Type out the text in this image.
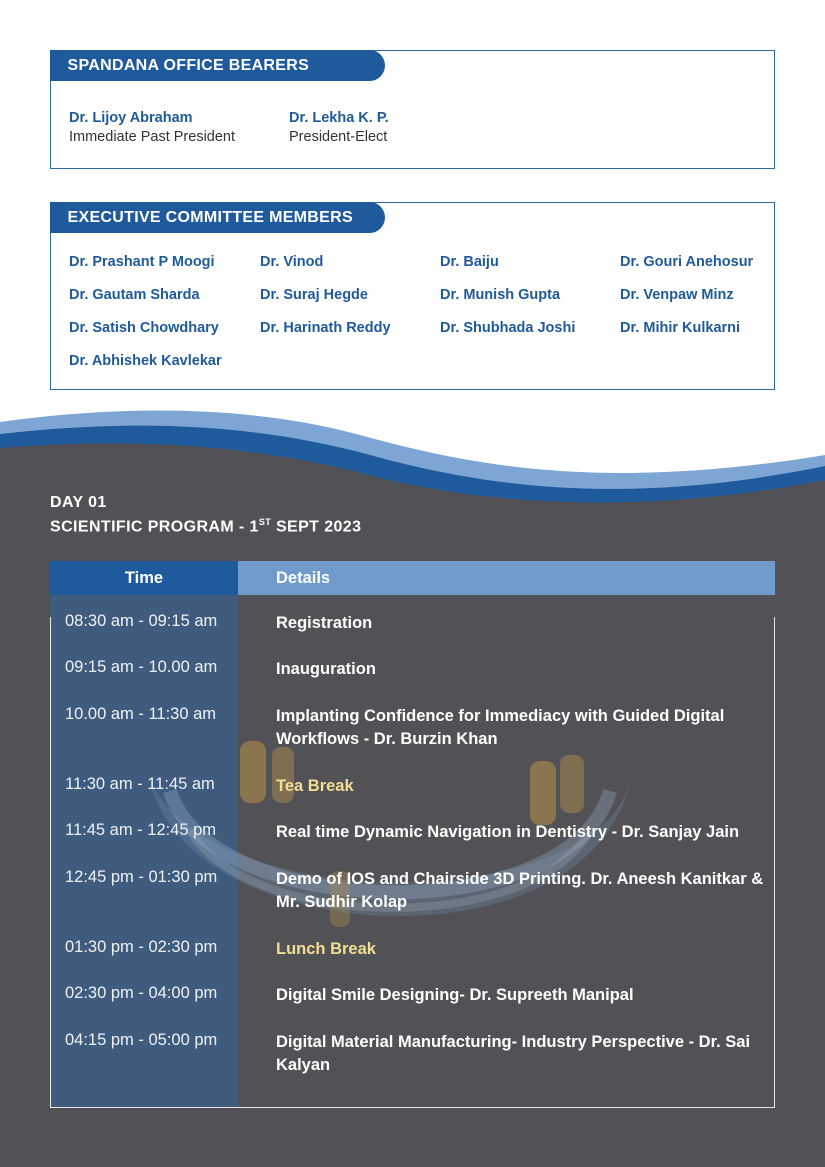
SPANDANA OFFICE BEARERS
Dr. Lijoy Abraham
Immediate Past President
Dr. Lekha K. P.
President-Elect
EXECUTIVE COMMITTEE MEMBERS
Dr. Prashant P Moogi	Dr. Vinod	Dr. Baiju	Dr. Gouri Anehosur
Dr. Gautam Sharda	Dr. Suraj Hegde	Dr. Munish Gupta	Dr. Venpaw Minz
Dr. Satish Chowdhary	Dr. Harinath Reddy	Dr. Shubhada Joshi	Dr. Mihir Kulkarni
Dr. Abhishek Kavlekar
DAY 01
SCIENTIFIC PROGRAM - 1ST SEPT 2023
Time	Details
08:30 am - 09:15 am	Registration
09:15 am - 10.00 am	Inauguration
10.00 am - 11:30 am	Implanting Confidence for Immediacy with Guided Digital Workflows - Dr. Burzin Khan
11:30 am - 11:45 am	Tea Break
11:45 am - 12:45 pm	Real time Dynamic Navigation in Dentistry - Dr. Sanjay Jain
12:45 pm - 01:30 pm	Demo of IOS and Chairside 3D Printing. Dr. Aneesh Kanitkar & Mr. Sudhir Kolap
01:30 pm - 02:30 pm	Lunch Break
02:30 pm - 04:00 pm	Digital Smile Designing- Dr. Supreeth Manipal
04:15 pm - 05:00 pm	Digital Material Manufacturing- Industry Perspective - Dr. Sai Kalyan
